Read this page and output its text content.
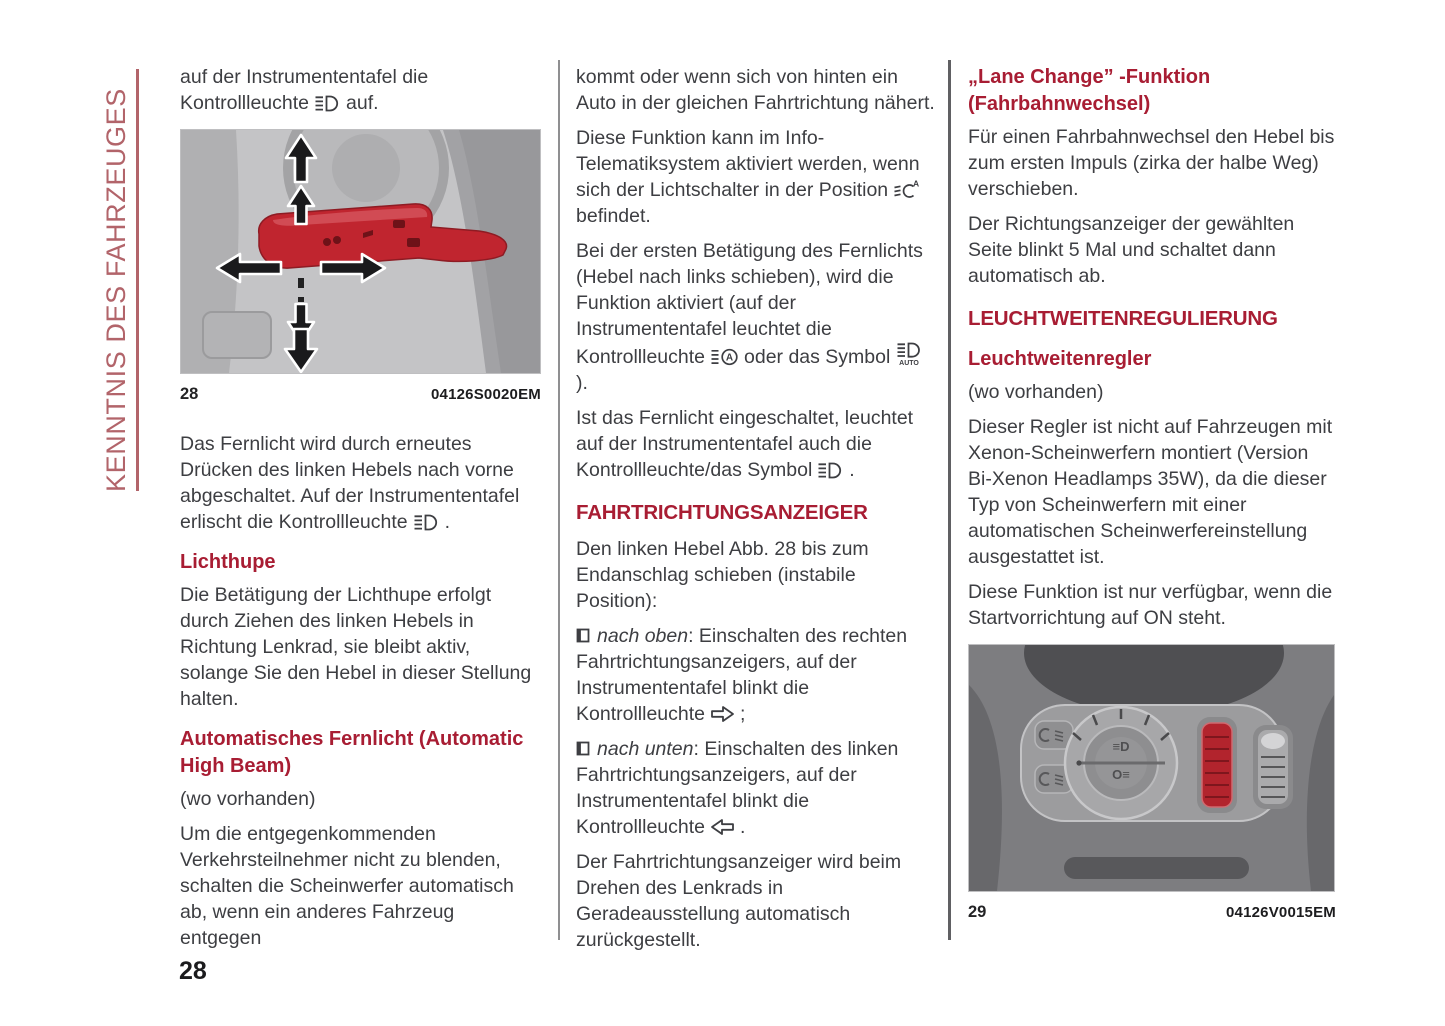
KENNTNIS DES FAHRZEUGES

auf der Instrumententafel die Kontrollleuchte auf.

28	04126S0020EM

Das Fernlicht wird durch erneutes Drücken des linken Hebels nach vorne abgeschaltet. Auf der Instrumententafel erlischt die Kontrollleuchte .

Lichthupe

Die Betätigung der Lichthupe erfolgt durch Ziehen des linken Hebels in Richtung Lenkrad, sie bleibt aktiv, solange Sie den Hebel in dieser Stellung halten.

Automatisches Fernlicht (Automatic High Beam)
(wo vorhanden)

Um die entgegenkommenden Verkehrsteilnehmer nicht zu blenden, schalten die Scheinwerfer automatisch ab, wenn ein anderes Fahrzeug entgegen

kommt oder wenn sich von hinten ein Auto in der gleichen Fahrtrichtung nähert.

Diese Funktion kann im Info-Telematiksystem aktiviert werden, wenn sich der Lichtschalter in der Position	A
befindet.

Bei der ersten Betätigung des Fernlichts (Hebel nach links schieben), wird die Funktion aktiviert (auf der Instrumententafel leuchtet die Kontrollleuchte A oder das Symbol AUTO
).

Ist das Fernlicht eingeschaltet, leuchtet auf der Instrumententafel auch die Kontrollleuchte/das Symbol .

FAHRTRICHTUNGSANZEIGER

Den linken Hebel Abb. 28 bis zum Endanschlag schieben (instabile Position):

nach oben: Einschalten des rechten Fahrtrichtungsanzeigers, auf der Instrumententafel blinkt die Kontrollleuchte ;

nach unten: Einschalten des linken Fahrtrichtungsanzeigers, auf der Instrumententafel blinkt die Kontrollleuchte .

Der Fahrtrichtungsanzeiger wird beim Drehen des Lenkrads in Geradeausstellung automatisch zurückgestellt.

„Lane Change” -Funktion (Fahrbahnwechsel)

Für einen Fahrbahnwechsel den Hebel bis zum ersten Impuls (zirka der halbe Weg) verschieben.

Der Richtungsanzeiger der gewählten Seite blinkt 5 Mal und schaltet dann automatisch ab.

LEUCHTWEITENREGULIERUNG
Leuchtweitenregler
(wo vorhanden)

Dieser Regler ist nicht auf Fahrzeugen mit Xenon-Scheinwerfern montiert (Version Bi-Xenon Headlamps 35W), da die dieser Typ von Scheinwerfern mit einer automatischen Scheinwerfereinstellung ausgestattet ist.

Diese Funktion ist nur verfügbar, wenn die Startvorrichtung auf ON steht.

≡D
O≡
29	04126V0015EM
28
